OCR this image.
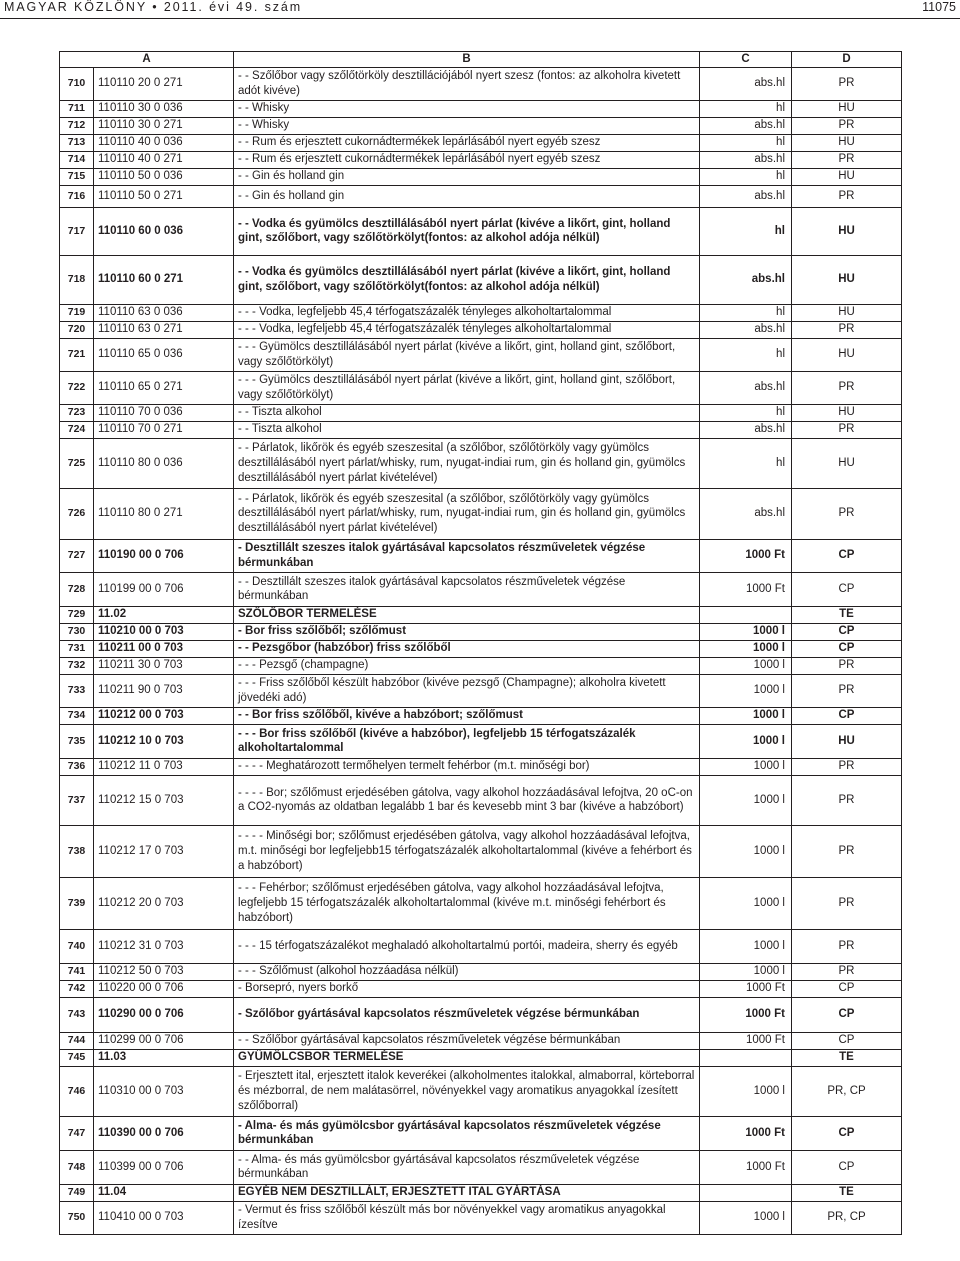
MAGYAR KÖZLÖNY • 2011. évi 49. szám	11075
A		B	C	D
710	110110 20 0 271	- - Szőlőbor vagy szőlőtörköly desztillációjából nyert szesz (fontos: az alkoholra kivetett adót kivéve)	abs.hl	PR
711	110110 30 0 036	- - Whisky	hl	HU
712	110110 30 0 271	- - Whisky	abs.hl	PR
713	110110 40 0 036	- - Rum és erjesztett cukornádtermékek lepárlásából nyert egyéb szesz	hl	HU
714	110110 40 0 271	- - Rum és erjesztett cukornádtermékek lepárlásából nyert egyéb szesz	abs.hl	PR
715	110110 50 0 036	- - Gin és holland gin	hl	HU
716	110110 50 0 271	- - Gin és holland gin	abs.hl	PR
717	110110 60 0 036	- - Vodka és gyümölcs desztillálásából nyert párlat (kivéve a likőrt, gint, holland gint, szőlőbort, vagy szőlőtörkölyt(fontos: az alkohol adója nélkül)	hl	HU
718	110110 60 0 271	- - Vodka és gyümölcs desztillálásából nyert párlat (kivéve a likőrt, gint, holland gint, szőlőbort, vagy szőlőtörkölyt(fontos: az alkohol adója nélkül)	abs.hl	HU
719	110110 63 0 036	- - - Vodka, legfeljebb 45,4 térfogatszázalék tényleges alkoholtartalommal	hl	HU
720	110110 63 0 271	- - - Vodka, legfeljebb 45,4 térfogatszázalék tényleges alkoholtartalommal	abs.hl	PR
721	110110 65 0 036	- - - Gyümölcs desztillálásából nyert párlat (kivéve a likőrt, gint, holland gint, szőlőbort, vagy szőlőtörkölyt)	hl	HU
722	110110 65 0 271	- - - Gyümölcs desztillálásából nyert párlat (kivéve a likőrt, gint, holland gint, szőlőbort, vagy szőlőtörkölyt)	abs.hl	PR
723	110110 70 0 036	- - Tiszta alkohol	hl	HU
724	110110 70 0 271	- - Tiszta alkohol	abs.hl	PR
725	110110 80 0 036	- - Párlatok, likőrök és egyéb szeszesital (a szőlőbor, szőlőtörköly vagy gyümölcs desztillálásából nyert párlat/whisky, rum, nyugat-indiai rum, gin és holland gin, gyümölcs desztillálásából nyert párlat kivételével)	hl	HU
726	110110 80 0 271	- - Párlatok, likőrök és egyéb szeszesital (a szőlőbor, szőlőtörköly vagy gyümölcs desztillálásából nyert párlat/whisky, rum, nyugat-indiai rum, gin és holland gin, gyümölcs desztillálásából nyert párlat kivételével)	abs.hl	PR
727	110190 00 0 706	- Desztillált szeszes italok gyártásával kapcsolatos részműveletek végzése bérmunkában	1000 Ft	CP
728	110199 00 0 706	- - Desztillált szeszes italok gyártásával kapcsolatos részműveletek végzése bérmunkában	1000 Ft	CP
729	11.02	SZŐLŐBOR TERMELÉSE		TE
730	110210 00 0 703	- Bor friss szőlőből; szőlőmust	1000 l	CP
731	110211 00 0 703	- - Pezsgőbor (habzóbor) friss szőlőből	1000 l	CP
732	110211 30 0 703	- - - Pezsgő (champagne)	1000 l	PR
733	110211 90 0 703	- - - Friss szőlőből készült habzóbor (kivéve pezsgő (Champagne); alkoholra kivetett jövedéki adó)	1000 l	PR
734	110212 00 0 703	- - Bor friss szőlőből, kivéve a habzóbort; szőlőmust	1000 l	CP
735	110212 10 0 703	- - - Bor friss szőlőből (kivéve a habzóbor), legfeljebb 15 térfogatszázalék alkoholtartalommal	1000 l	HU
736	110212 11 0 703	- - - - Meghatározott termőhelyen termelt fehérbor (m.t. minőségi bor)	1000 l	PR
737	110212 15 0 703	- - - - Bor; szőlőmust erjedésében gátolva, vagy alkohol hozzáadásával lefojtva, 20 oC-on a CO2-nyomás az oldatban legalább 1 bar és kevesebb mint 3 bar (kivéve a habzóbort)	1000 l	PR
738	110212 17 0 703	- - - - Minőségi bor; szőlőmust erjedésében gátolva, vagy alkohol hozzáadásával lefojtva, m.t. minőségi bor legfeljebb15 térfogatszázalék alkoholtartalommal (kivéve a fehérbort és a habzóbort)	1000 l	PR
739	110212 20 0 703	- - - Fehérbor; szőlőmust erjedésében gátolva, vagy alkohol hozzáadásával lefojtva, legfeljebb 15 térfogatszázalék alkoholtartalommal (kivéve m.t. minőségi fehérbort és habzóbort)	1000 l	PR
740	110212 31 0 703	- - - 15 térfogatszázalékot meghaladó alkoholtartalmú portói, madeira, sherry és egyéb	1000 l	PR
741	110212 50 0 703	- - - Szőlőmust (alkohol hozzáadása nélkül)	1000 l	PR
742	110220 00 0 706	- Borsepró, nyers borkő	1000 Ft	CP
743	110290 00 0 706	- Szőlőbor gyártásával kapcsolatos részműveletek végzése bérmunkában	1000 Ft	CP
744	110299 00 0 706	- - Szőlőbor gyártásával kapcsolatos részműveletek végzése bérmunkában	1000 Ft	CP
745	11.03	GYÜMÖLCSBOR TERMELÉSE		TE
746	110310 00 0 703	- Erjesztett ital, erjesztett italok keverékei (alkoholmentes italokkal, almaborral, körteborral és mézborral, de nem malátasörrel, növényekkel vagy aromatikus anyagokkal ízesített szőlőborral)	1000 l	PR, CP
747	110390 00 0 706	- Alma- és más gyümölcsbor gyártásával kapcsolatos részműveletek végzése bérmunkában	1000 Ft	CP
748	110399 00 0 706	- - Alma- és más gyümölcsbor gyártásával kapcsolatos részműveletek végzése bérmunkában	1000 Ft	CP
749	11.04	EGYÉB NEM DESZTILLÁLT, ERJESZTETT ITAL GYÁRTÁSA		TE
750	110410 00 0 703	- Vermut és friss szőlőből készült más bor növényekkel vagy aromatikus anyagokkal ízesítve	1000 l	PR, CP
